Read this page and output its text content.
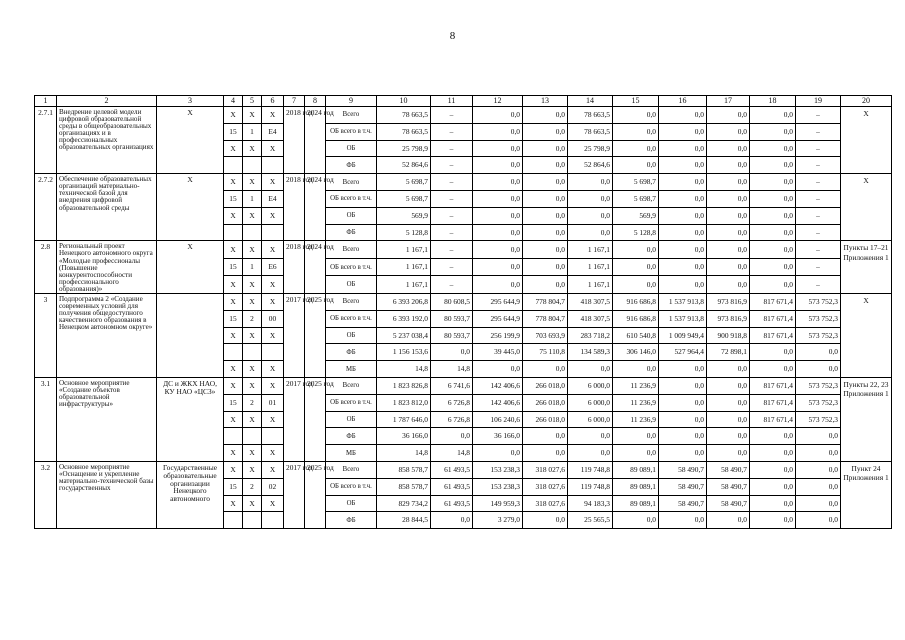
8
1	2	3	4	5	6	7	8	9	10	11	12	13	14	15	16	17	18	19	20
2.7.1	Внедрение целевой модели цифровой образовательной среды в общеобразовательных организациях и в профессиональных образовательных организациях	Х	Х	Х	Х	2018 год	2024 год	Всего	78 663,5	–	0,0	0,0	78 663,5	0,0	0,0	0,0	0,0	–	Х
			15	1	Е4			ОБ всего в т.ч.	78 663,5	–	0,0	0,0	78 663,5	0,0	0,0	0,0	0,0	–	
			Х	Х	Х			ОБ	25 798,9	–	0,0	0,0	25 798,9	0,0	0,0	0,0	0,0	–	
								ФБ	52 864,6	–	0,0	0,0	52 864,6	0,0	0,0	0,0	0,0	–	
2.7.2	Обеспечение образовательных организаций материально-технической базой для внедрения цифровой образовательной среды	Х	Х	Х	Х	2018 год	2024 год	Всего	5 698,7	–	0,0	0,0	0,0	5 698,7	0,0	0,0	0,0	–	Х
			15	1	Е4			ОБ всего в т.ч.	5 698,7	–	0,0	0,0	0,0	5 698,7	0,0	0,0	0,0	–	
			Х	Х	Х			ОБ	569,9	–	0,0	0,0	0,0	569,9	0,0	0,0	0,0	–	
								ФБ	5 128,8	–	0,0	0,0	0,0	5 128,8	0,0	0,0	0,0	–	
2.8	Региональный проект Ненецкого автономного округа «Молодые профессионалы (Повышение конкурентоспособности профессионального образования)»	Х	Х	Х	Х	2018 год	2024 год	Всего	1 167,1	–	0,0	0,0	1 167,1	0,0	0,0	0,0	0,0	–	Пункты 17–21 Приложения 1
			15	1	Е6			ОБ всего в т.ч.	1 167,1	–	0,0	0,0	1 167,1	0,0	0,0	0,0	0,0	–	
			Х	Х	Х			ОБ	1 167,1	–	0,0	0,0	1 167,1	0,0	0,0	0,0	0,0	–	
3	Подпрограмма 2 «Создание современных условий для получения общедоступного качественного образования в Ненецком автономном округе»		Х	Х	Х	2017 год	2025 год	Всего	6 393 206,8	80 608,5	295 644,9	778 804,7	418 307,5	916 686,8	1 537 913,8	973 816,9	817 671,4	573 752,3	Х
			15	2	00			ОБ всего в т.ч.	6 393 192,0	80 593,7	295 644,9	778 804,7	418 307,5	916 686,8	1 537 913,8	973 816,9	817 671,4	573 752,3	
			Х	Х	Х			ОБ	5 237 038,4	80 593,7	256 199,9	703 693,9	283 718,2	610 540,8	1 009 949,4	900 918,8	817 671,4	573 752,3	
								ФБ	1 156 153,6	0,0	39 445,0	75 110,8	134 589,3	306 146,0	527 964,4	72 898,1	0,0	0,0	
			Х	Х	Х			МБ	14,8	14,8	0,0	0,0	0,0	0,0	0,0	0,0	0,0	0,0	
3.1	Основное мероприятие «Создание объектов образовательной инфраструктуры»	ДС и ЖКХ НАО, КУ НАО «ЦСЗ»	Х	Х	Х	2017 год	2025 год	Всего	1 823 826,8	6 741,6	142 406,6	266 018,0	6 000,0	11 236,9	0,0	0,0	817 671,4	573 752,3	Пункты 22, 23 Приложения 1
			15	2	01			ОБ всего в т.ч.	1 823 812,0	6 726,8	142 406,6	266 018,0	6 000,0	11 236,9	0,0	0,0	817 671,4	573 752,3	
			Х	Х	Х			ОБ	1 787 646,0	6 726,8	106 240,6	266 018,0	6 000,0	11 236,9	0,0	0,0	817 671,4	573 752,3	
								ФБ	36 166,0	0,0	36 166,0	0,0	0,0	0,0	0,0	0,0	0,0	0,0	
			Х	Х	Х			МБ	14,8	14,8	0,0	0,0	0,0	0,0	0,0	0,0	0,0	0,0	
3.2	Основное мероприятие «Оснащение и укрепление материально-технической базы государственных	Государственные образовательные организации Ненецкого автономного	Х	Х	Х	2017 год	2025 год	Всего	858 578,7	61 493,5	153 238,3	318 027,6	119 748,8	89 089,1	58 490,7	58 490,7	0,0	0,0	Пункт 24 Приложения 1
			15	2	02			ОБ всего в т.ч.	858 578,7	61 493,5	153 238,3	318 027,6	119 748,8	89 089,1	58 490,7	58 490,7	0,0	0,0	
			Х	Х	Х			ОБ	829 734,2	61 493,5	149 959,3	318 027,6	94 183,3	89 089,1	58 490,7	58 490,7	0,0	0,0	
								ФБ	28 844,5	0,0	3 279,0	0,0	25 565,5	0,0	0,0	0,0	0,0	0,0	
